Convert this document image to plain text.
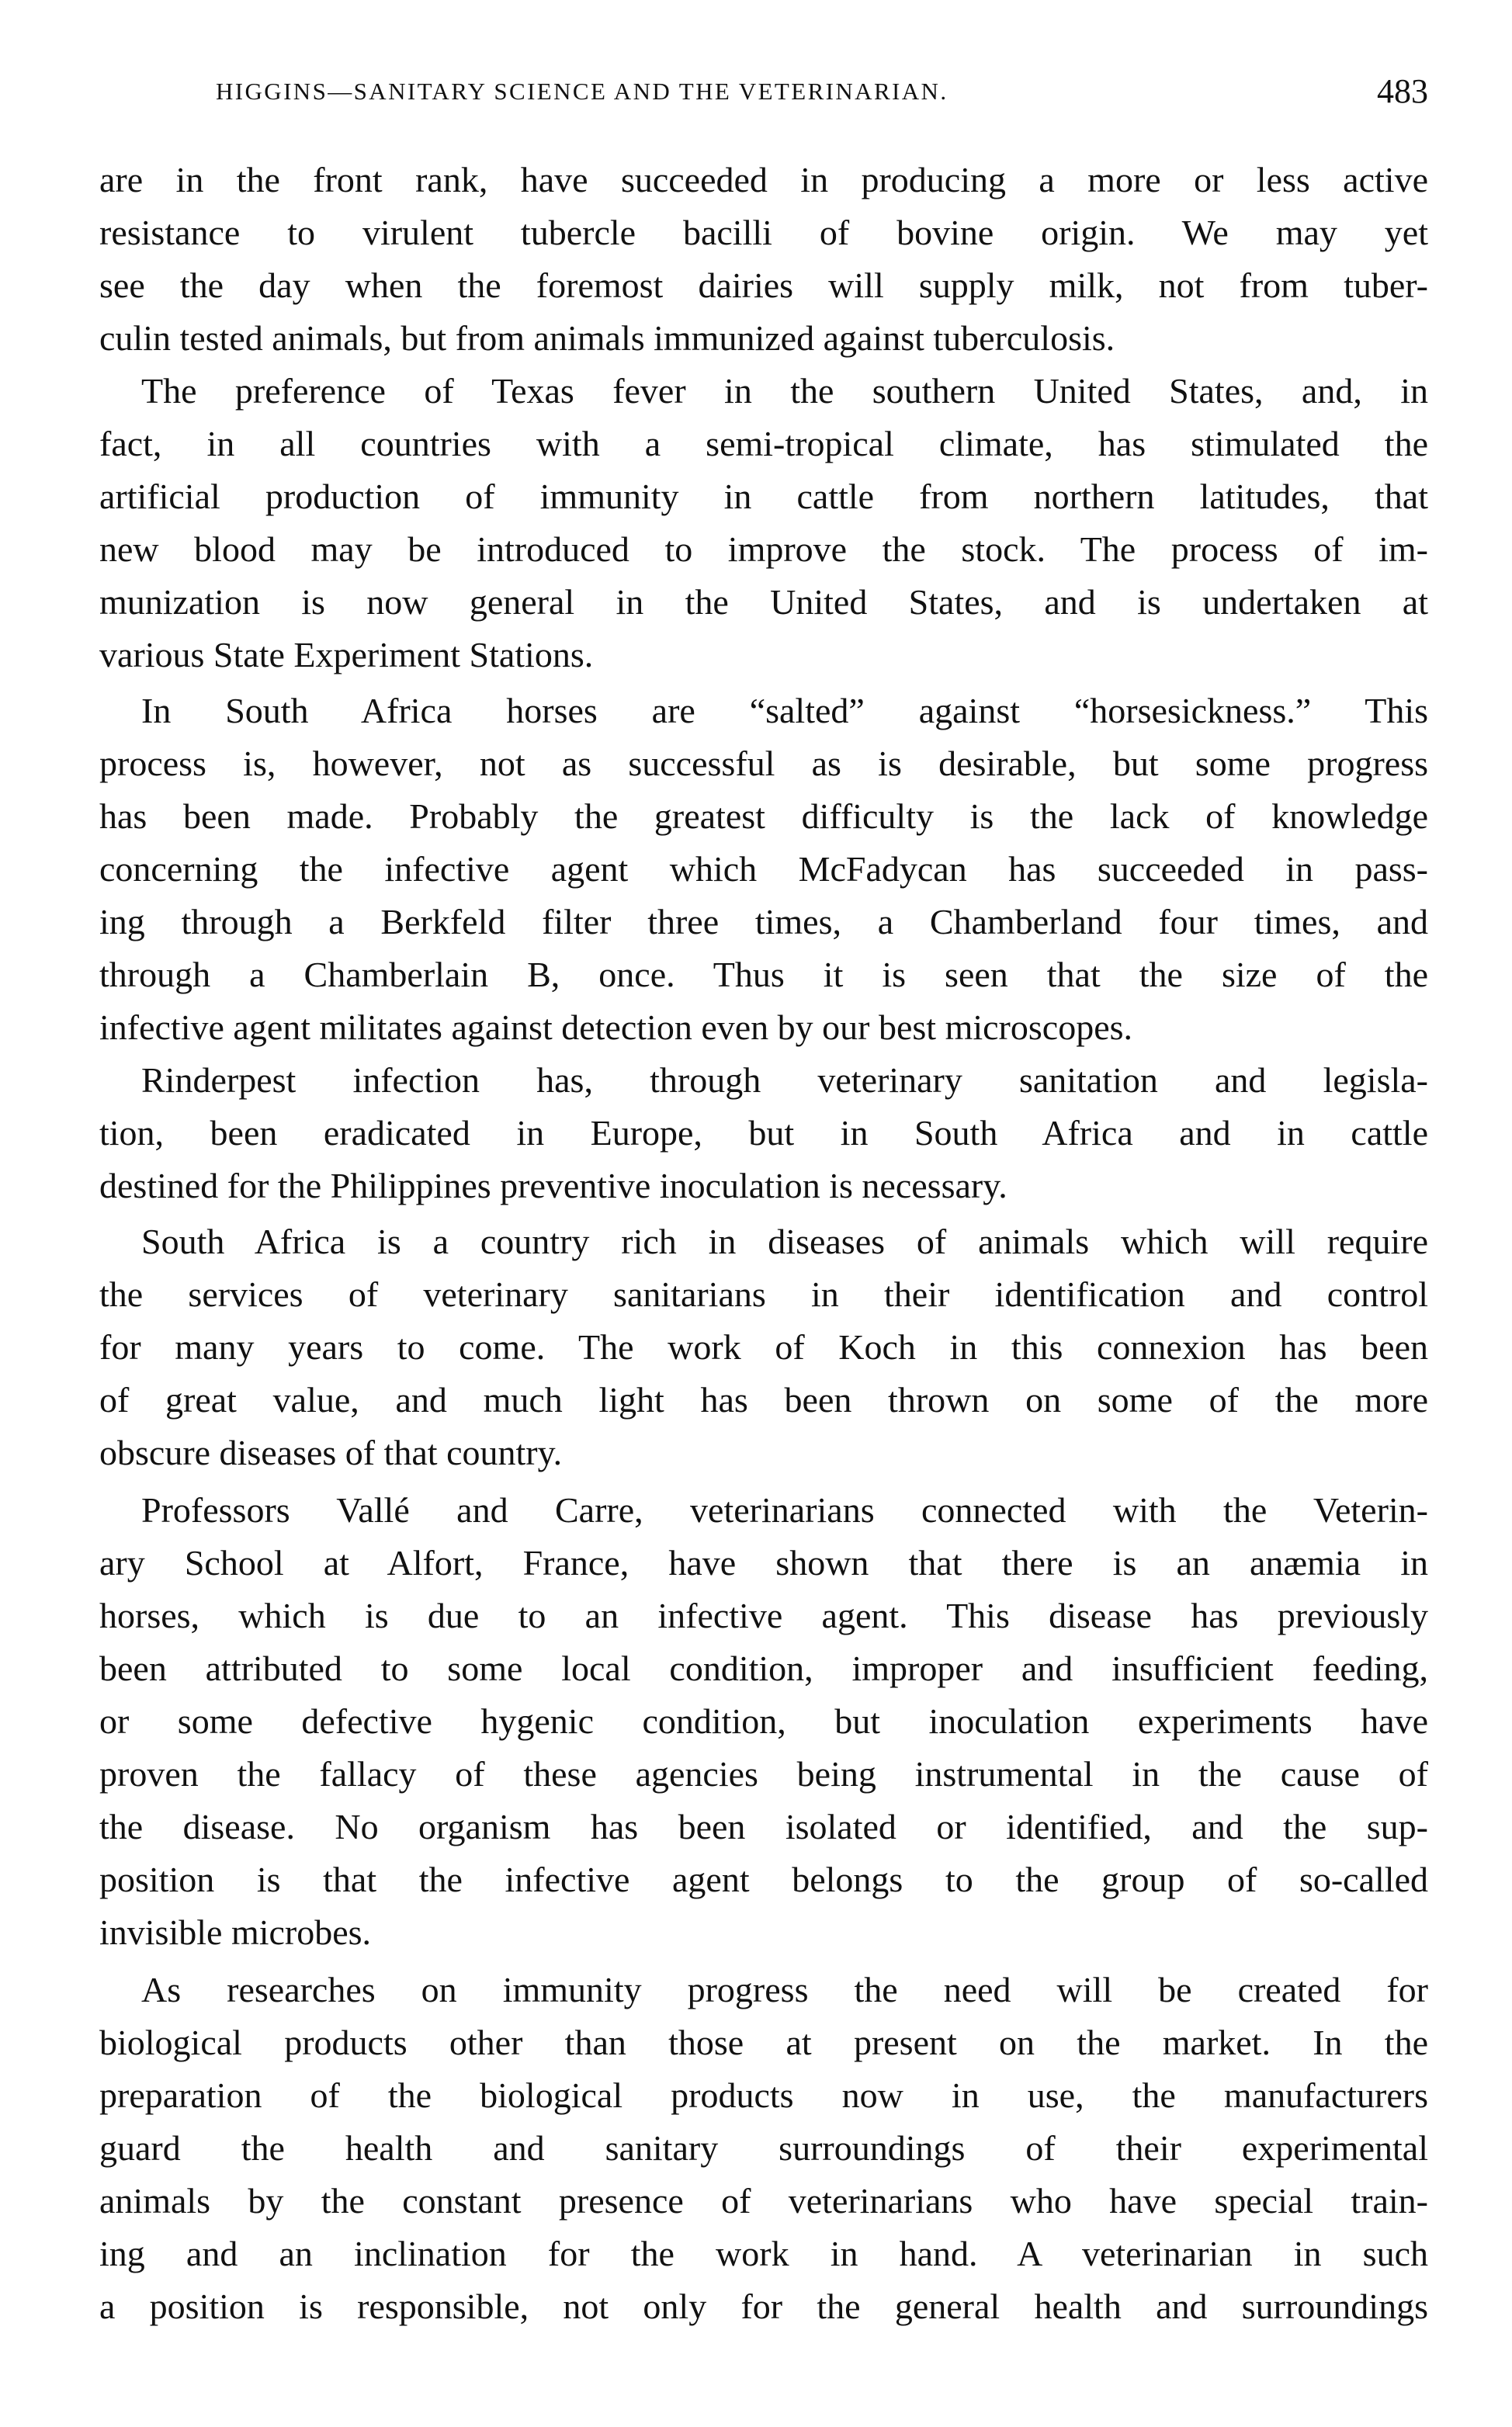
HIGGINS—SANITARY SCIENCE AND THE VETERINARIAN.	483
are in the front rank, have succeeded in producing a more or less active
resistance to virulent tubercle bacilli of bovine origin. We may yet
see the day when the foremost dairies will supply milk, not from tuber-
culin tested animals, but from animals immunized against tuberculosis.
The preference of Texas fever in the southern United States, and, in
fact, in all countries with a semi-tropical climate, has stimulated the
artificial production of immunity in cattle from northern latitudes, that
new blood may be introduced to improve the stock. The process of im-
munization is now general in the United States, and is undertaken at
various State Experiment Stations.
In South Africa horses are “salted” against “horsesickness.” This
process is, however, not as successful as is desirable, but some progress
has been made. Probably the greatest difficulty is the lack of knowledge
concerning the infective agent which McFadycan has succeeded in pass-
ing through a Berkfeld filter three times, a Chamberland four times, and
through a Chamberlain B, once. Thus it is seen that the size of the
infective agent militates against detection even by our best microscopes.
Rinderpest infection has, through veterinary sanitation and legisla-
tion, been eradicated in Europe, but in South Africa and in cattle
destined for the Philippines preventive inoculation is necessary.
South Africa is a country rich in diseases of animals which will require
the services of veterinary sanitarians in their identification and control
for many years to come. The work of Koch in this connexion has been
of great value, and much light has been thrown on some of the more
obscure diseases of that country.
Professors Vallé and Carre, veterinarians connected with the Veterin-
ary School at Alfort, France, have shown that there is an anæmia in
horses, which is due to an infective agent. This disease has previously
been attributed to some local condition, improper and insufficient feeding,
or some defective hygenic condition, but inoculation experiments have
proven the fallacy of these agencies being instrumental in the cause of
the disease. No organism has been isolated or identified, and the sup-
position is that the infective agent belongs to the group of so-called
invisible microbes.
As researches on immunity progress the need will be created for
biological products other than those at present on the market. In the
preparation of the biological products now in use, the manufacturers
guard the health and sanitary surroundings of their experimental
animals by the constant presence of veterinarians who have special train-
ing and an inclination for the work in hand. A veterinarian in such
a position is responsible, not only for the general health and surroundings
